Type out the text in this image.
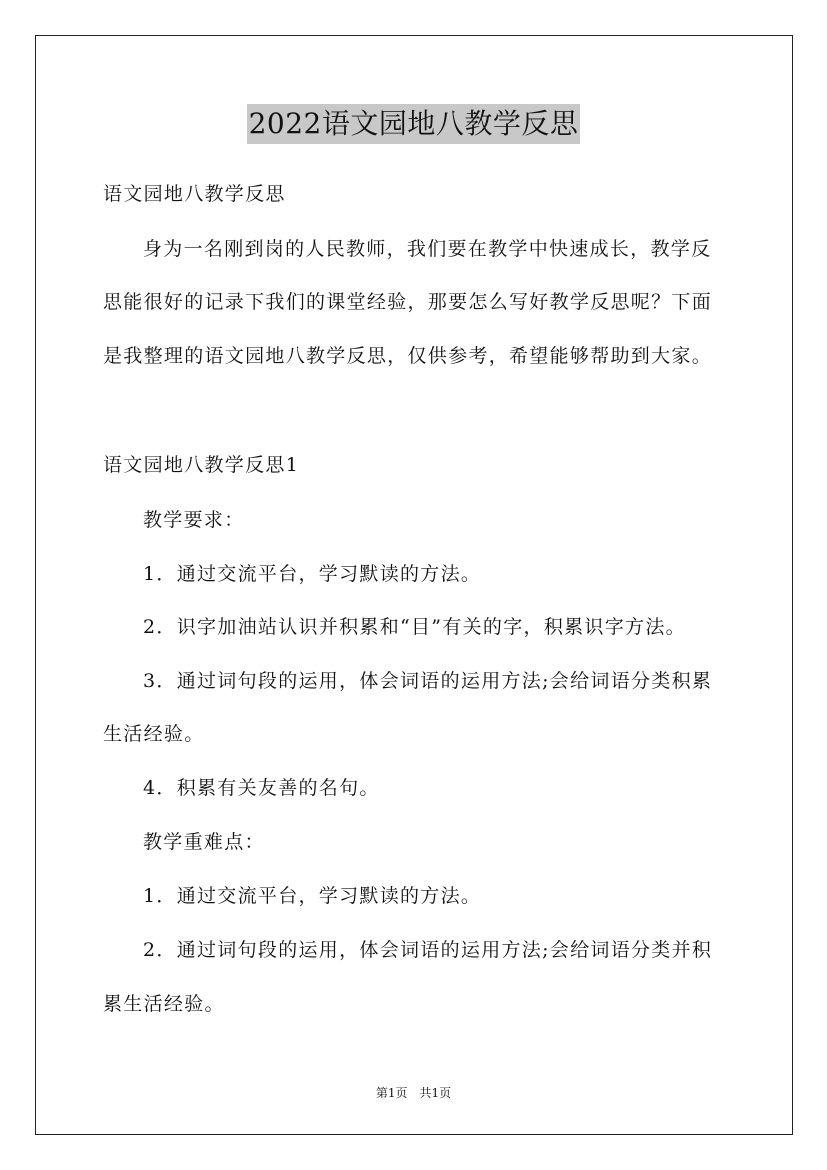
2022语文园地八教学反思
语文园地八教学反思
身为一名刚到岗的人民教师，我们要在教学中快速成长，教学反
思能很好的记录下我们的课堂经验，那要怎么写好教学反思呢？下面
是我整理的语文园地八教学反思，仅供参考，希望能够帮助到大家。
语文园地八教学反思1
教学要求：
1．通过交流平台，学习默读的方法。
2．识字加油站认识并积累和“目”有关的字，积累识字方法。
3．通过词句段的运用，体会词语的运用方法;会给词语分类积累
生活经验。
4．积累有关友善的名句。
教学重难点：
1．通过交流平台，学习默读的方法。
2．通过词句段的运用，体会词语的运用方法;会给词语分类并积
累生活经验。
第1页　共1页
